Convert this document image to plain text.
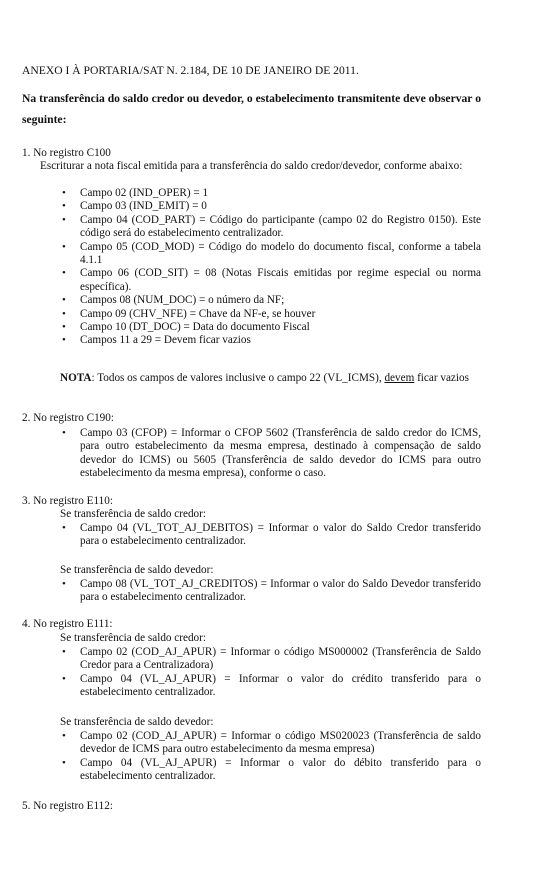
ANEXO I À PORTARIA/SAT N. 2.184, DE 10 DE JANEIRO DE 2011.
Na transferência do saldo credor ou devedor, o estabelecimento transmitente deve observar o seguinte:
1. No registro C100
Escriturar a nota fiscal emitida para a transferência do saldo credor/devedor, conforme abaixo:
• Campo 02 (IND_OPER) = 1
• Campo 03 (IND_EMIT) = 0
• Campo 04 (COD_PART) = Código do participante (campo 02 do Registro 0150). Este código será do estabelecimento centralizador.
• Campo 05 (COD_MOD) = Código do modelo do documento fiscal, conforme a tabela 4.1.1
• Campo 06 (COD_SIT) = 08 (Notas Fiscais emitidas por regime especial ou norma específica).
• Campos 08 (NUM_DOC) = o número da NF;
• Campo 09 (CHV_NFE) = Chave da NF-e, se houver
• Campo 10 (DT_DOC) = Data do documento Fiscal
• Campos 11 a 29 = Devem ficar vazios
NOTA: Todos os campos de valores inclusive o campo 22 (VL_ICMS), devem ficar vazios
2. No registro C190:
• Campo 03 (CFOP) = Informar o CFOP 5602 (Transferência de saldo credor do ICMS, para outro estabelecimento da mesma empresa, destinado à compensação de saldo devedor do ICMS) ou 5605 (Transferência de saldo devedor do ICMS para outro estabelecimento da mesma empresa), conforme o caso.
3. No registro E110:
Se transferência de saldo credor:
• Campo 04 (VL_TOT_AJ_DEBITOS) = Informar o valor do Saldo Credor transferido para o estabelecimento centralizador.
Se transferência de saldo devedor:
• Campo 08 (VL_TOT_AJ_CREDITOS) = Informar o valor do Saldo Devedor transferido para o estabelecimento centralizador.
4. No registro E111:
Se transferência de saldo credor:
• Campo 02 (COD_AJ_APUR) = Informar o código MS000002 (Transferência de Saldo Credor para a Centralizadora)
• Campo 04 (VL_AJ_APUR) = Informar o valor do crédito transferido para o estabelecimento centralizador.
Se transferência de saldo devedor:
• Campo 02 (COD_AJ_APUR) = Informar o código MS020023 (Transferência de saldo devedor de ICMS para outro estabelecimento da mesma empresa)
• Campo 04 (VL_AJ_APUR) = Informar o valor do débito transferido para o estabelecimento centralizador.
5. No registro E112:
